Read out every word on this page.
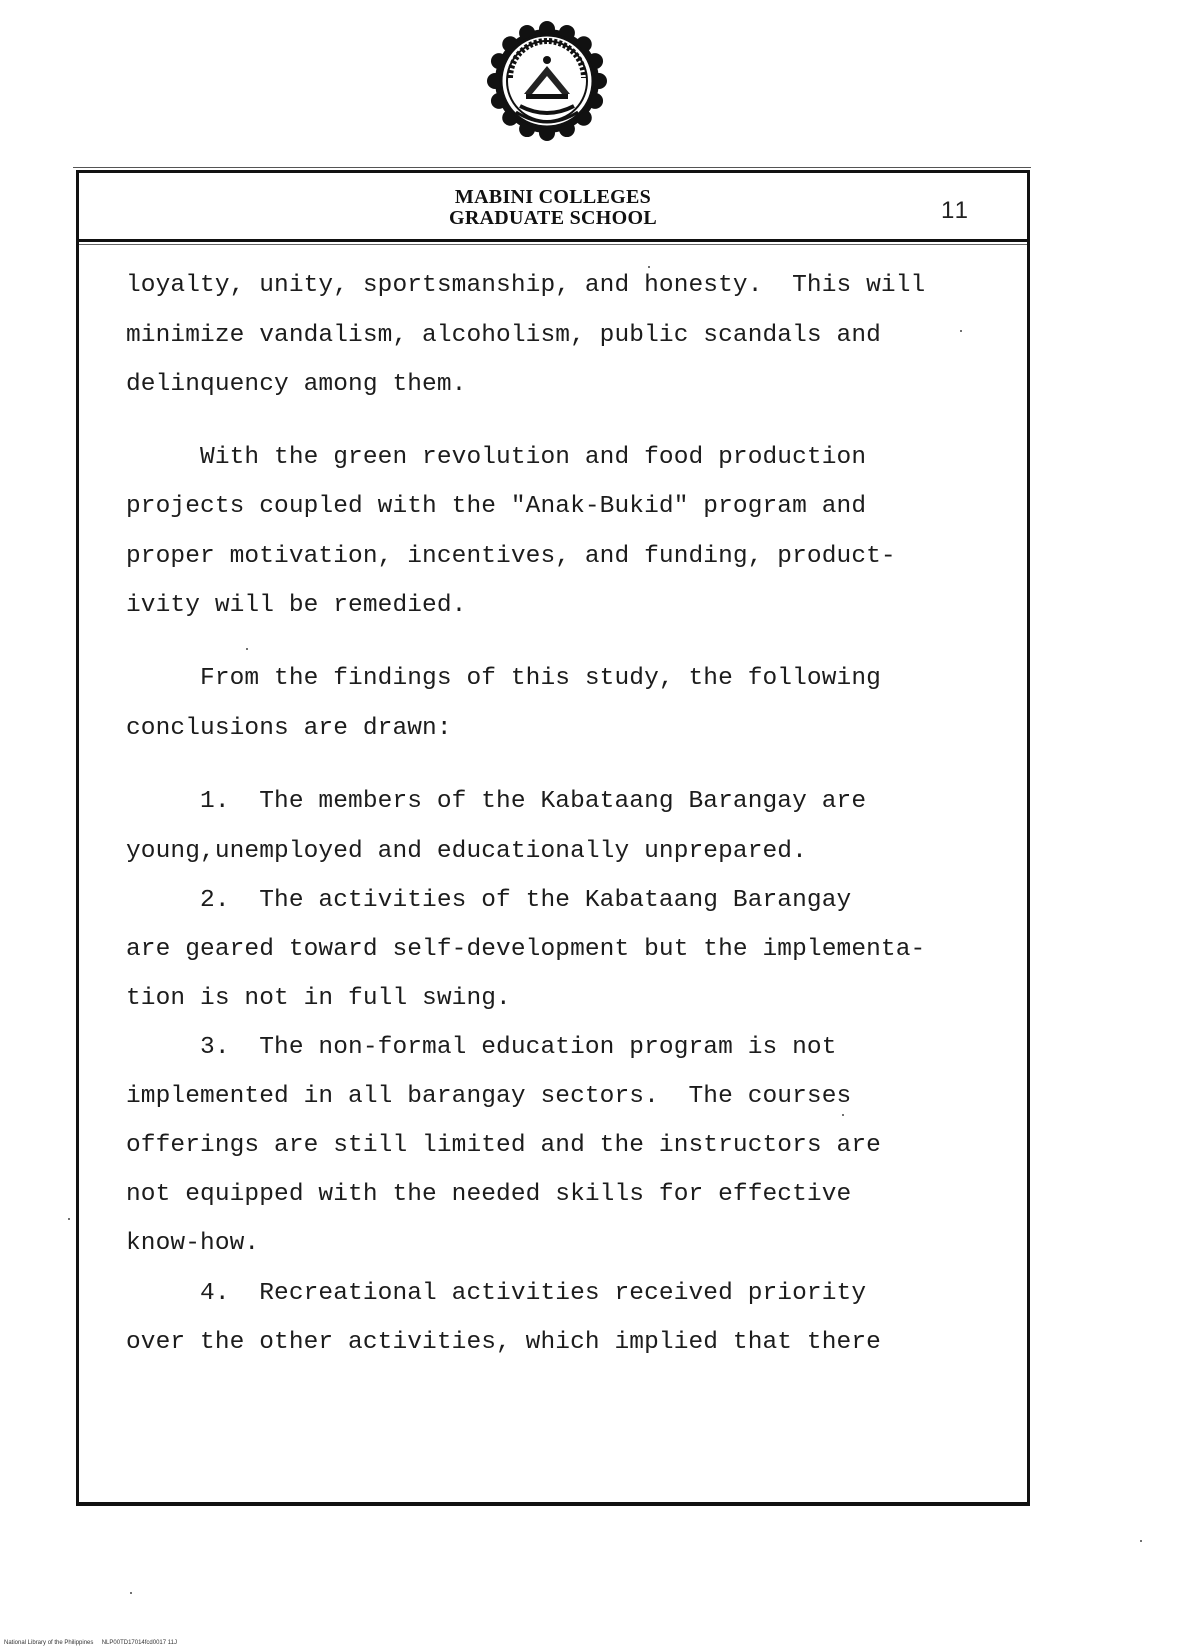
MABINI COLLEGES
GRADUATE SCHOOL	11
loyalty, unity, sportsmanship, and honesty.  This will
minimize vandalism, alcoholism, public scandals and
delinquency among them.
With the green revolution and food production
projects coupled with the "Anak-Bukid" program and
proper motivation, incentives, and funding, product-
ivity will be remedied.
From the findings of this study, the following
conclusions are drawn:
1.  The members of the Kabataang Barangay are
young,unemployed and educationally unprepared.
2.  The activities of the Kabataang Barangay
are geared toward self-development but the implementa-
tion is not in full swing.
3.  The non-formal education program is not
implemented in all barangay sectors.  The courses
offerings are still limited and the instructors are
not equipped with the needed skills for effective
know-how.
4.  Recreational activities received priority
over the other activities, which implied that there
National Library of the Philippines     NLP00TD17014fcd0017 11J
